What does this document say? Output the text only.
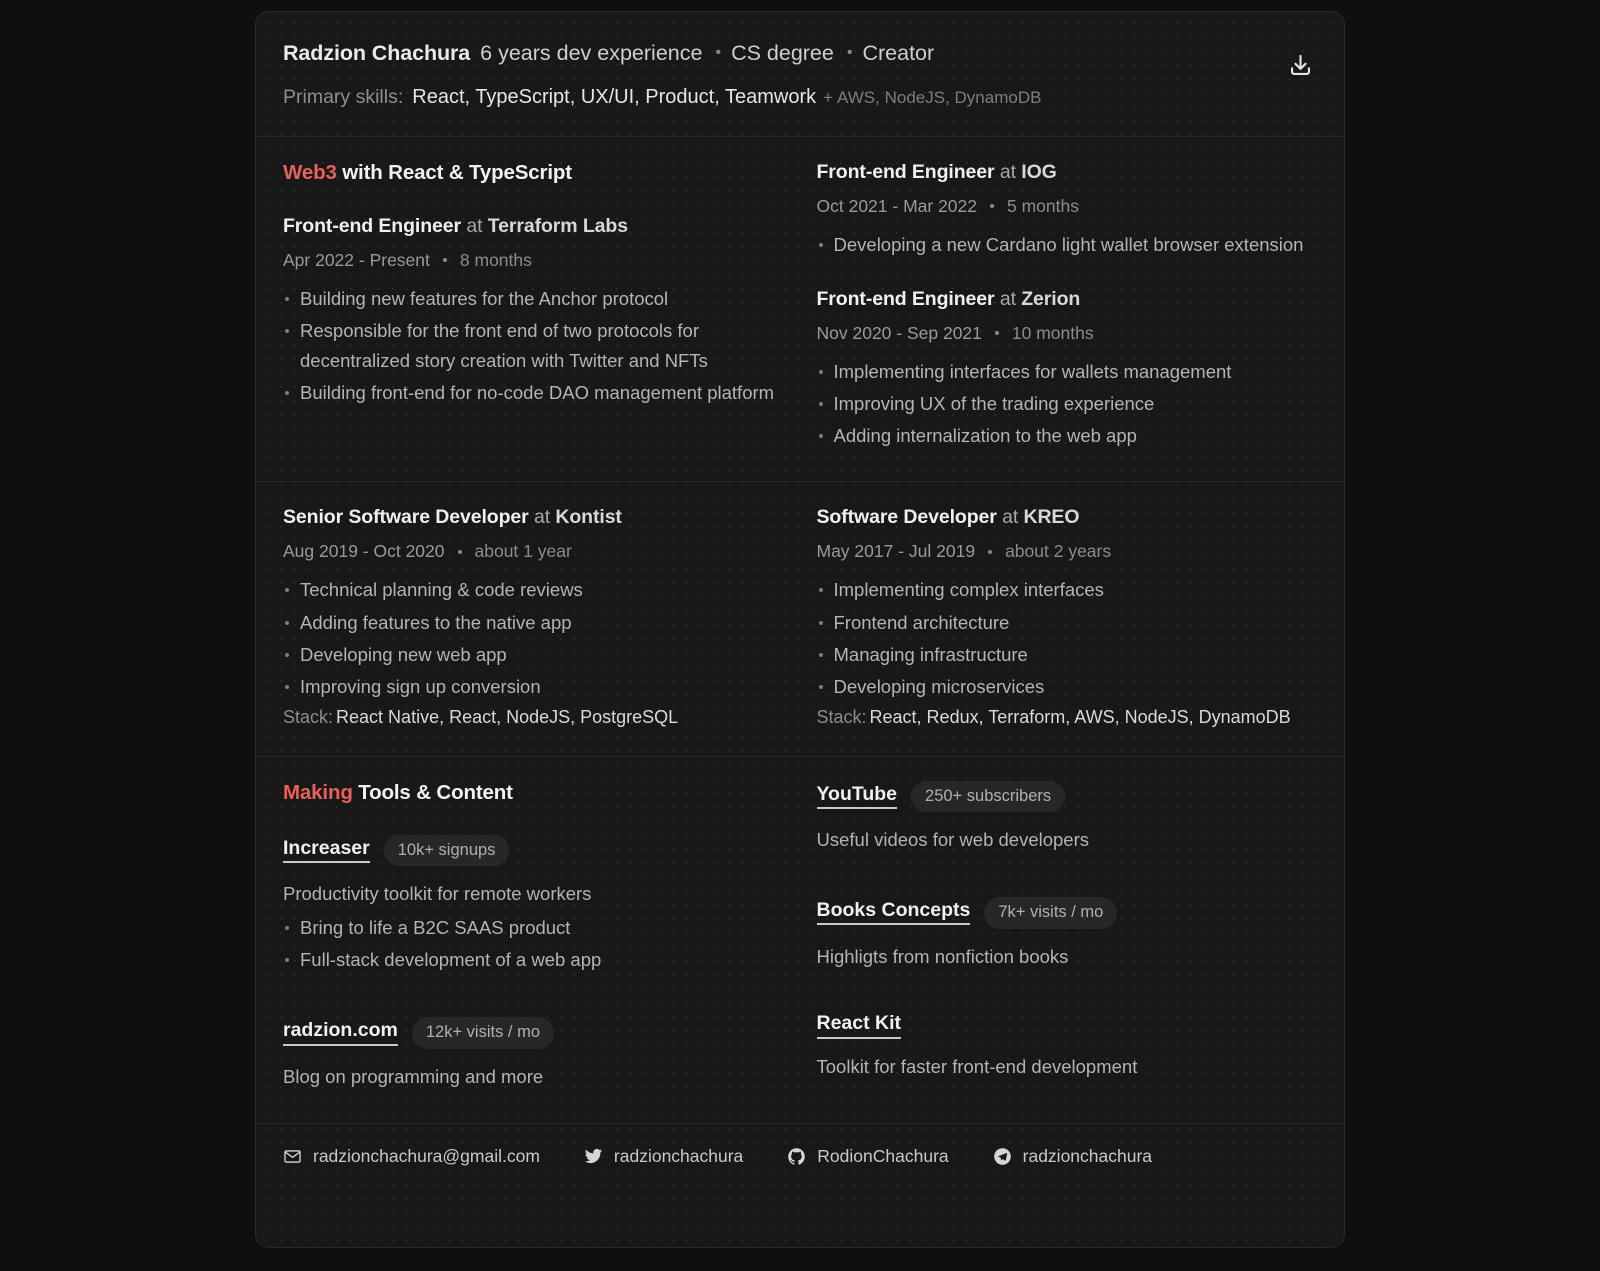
Radzion Chachura 6 years dev experience • CS degree • Creator
Primary skills: React, TypeScript, UX/UI, Product, Teamwork + AWS, NodeJS, DynamoDB
Web3 with React & TypeScript
Front-end Engineer at Terraform Labs
Apr 2022 - Present 8 months
Building new features for the Anchor protocol
Responsible for the front end of two protocols for decentralized story creation with Twitter and NFTs
Building front-end for no-code DAO management platform
Front-end Engineer at IOG
Oct 2021 - Mar 2022 5 months
Developing a new Cardano light wallet browser extension
Front-end Engineer at Zerion
Nov 2020 - Sep 2021 10 months
Implementing interfaces for wallets management
Improving UX of the trading experience
Adding internalization to the web app
Senior Software Developer at Kontist
Aug 2019 - Oct 2020 about 1 year
Technical planning & code reviews
Adding features to the native app
Developing new web app
Improving sign up conversion
Stack: React Native, React, NodeJS, PostgreSQL
Software Developer at KREO
May 2017 - Jul 2019 about 2 years
Implementing complex interfaces
Frontend architecture
Managing infrastructure
Developing microservices
Stack: React, Redux, Terraform, AWS, NodeJS, DynamoDB
Making Tools & Content
Increaser	10k+ signups
Productivity toolkit for remote workers
Bring to life a B2C SAAS product
Full-stack development of a web app
radzion.com	12k+ visits / mo
Blog on programming and more
YouTube	250+ subscribers
Useful videos for web developers
Books Concepts	7k+ visits / mo
Highligts from nonfiction books
React Kit
Toolkit for faster front-end development
radzionchachura@gmail.com	radzionchachura	RodionChachura	radzionchachura
